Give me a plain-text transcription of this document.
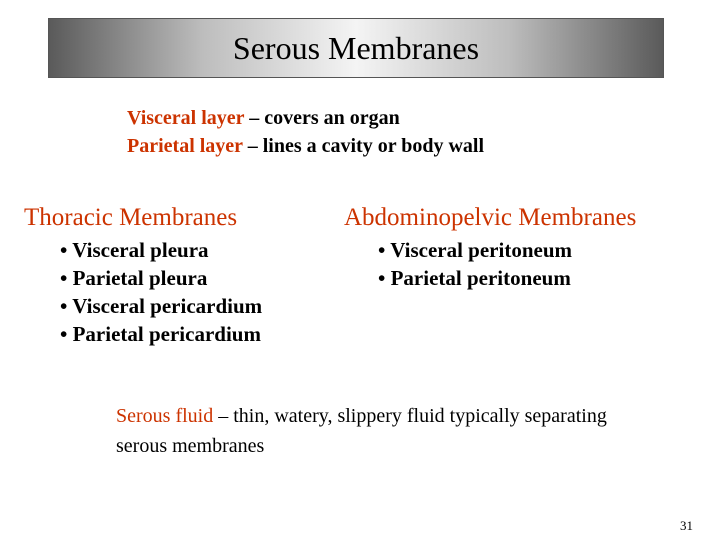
Serous Membranes
Visceral layer – covers an organ
Parietal layer – lines a cavity or body wall
Thoracic Membranes
• Visceral pleura
• Parietal pleura
• Visceral pericardium
• Parietal pericardium
Abdominopelvic Membranes
• Visceral peritoneum
• Parietal peritoneum
Serous fluid – thin, watery, slippery fluid typically separating serous membranes
31
